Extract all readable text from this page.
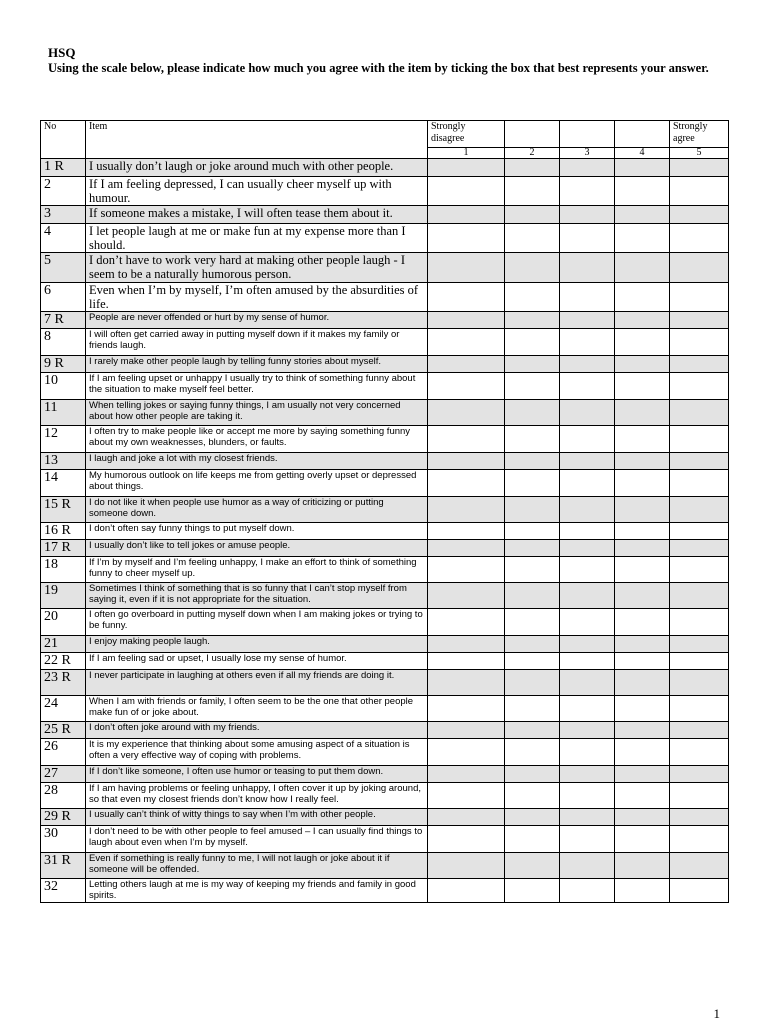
HSQ
Using the scale below, please indicate how much you agree with the item by ticking the box that best represents your answer.
No	Item	Strongly disagree				Strongly agree
		1	2	3	4	5
1 R	I usually don’t laugh or joke around much with other people.					
2	If I am feeling depressed, I can usually cheer myself up with humour.					
3	If someone makes a mistake, I will often tease them about it.					
4	I let people laugh at me or make fun at my expense more than I should.					
5	I don’t have to work very hard at making other people laugh - I seem to be a naturally humorous person.					
6	Even when I’m by myself, I’m often amused by the absurdities of life.					
7 R	People are never offended or hurt by my sense of humor.					
8	I will often get carried away in putting myself down if it makes my family or friends laugh.					
9 R	I rarely make other people laugh by telling funny stories about myself.					
10	If I am feeling upset or unhappy I usually try to think of something funny about the situation to make myself feel better.					
11	When telling jokes or saying funny things, I am usually not very concerned about how other people are taking it.					
12	I often try to make people like or accept me more by saying something funny about my own weaknesses, blunders, or faults.					
13	I laugh and joke a lot with my closest friends.					
14	My humorous outlook on life keeps me from getting overly upset or depressed about things.					
15 R	I do not like it when people use humor as a way of criticizing or putting someone down.					
16 R	I don’t often say funny things to put myself down.					
17 R	I usually don’t like to tell jokes or amuse people.					
18	If I’m by myself and I’m feeling unhappy, I make an effort to think of something funny to cheer myself up.					
19	Sometimes I think of something that is so funny that I can’t stop myself from saying it, even if it is not appropriate for the situation.					
20	I often go overboard in putting myself down when I am making jokes or trying to be funny.					
21	I enjoy making people laugh.					
22 R	If I am feeling sad or upset, I usually lose my sense of humor.					
23 R	I never participate in laughing at others even if all my friends are doing it.					
24	When I am with friends or family, I often seem to be the one that other people make fun of or joke about.					
25 R	I don’t often joke around with my friends.					
26	It is my experience that thinking about some amusing aspect of a situation is often a very effective way of coping with problems.					
27	If I don’t like someone, I often use humor or teasing to put them down.					
28	If I am having problems or feeling unhappy, I often cover it up by joking around, so that even my closest friends don’t know how I really feel.					
29 R	I usually can’t think of witty things to say when I’m with other people.					
30	I don’t need to be with other people to feel amused – I can usually find things to laugh about even when I’m by myself.					
31 R	Even if something is really funny to me, I will not laugh or joke about it if someone will be offended.					
32	Letting others laugh at me is my way of keeping my friends and family in good spirits.					
1
